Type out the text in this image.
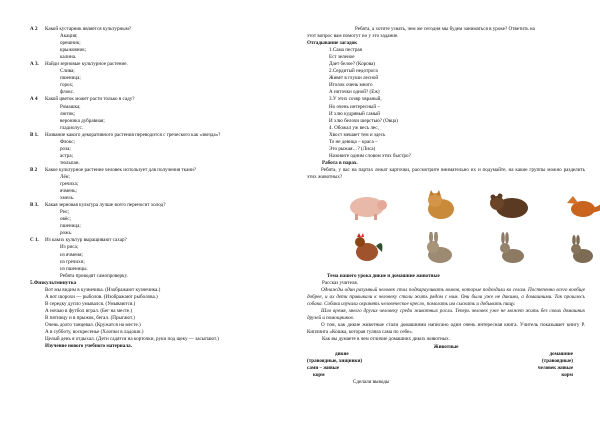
А 2 Какой кустарник является культурным?
Акация;
орешник;
крыжовник;
калина.
А 3. Найди зерновые культурное растение.
Слива;
пшеница;
горох;
флокс.
А 4 Какой цветок может расти только в саду?
Ромашка;
лютик;
вероника дубравная;
гладиолус.
В 1. Название какого декоративного растения переводится с греческого как «звезда»?
Флокс;
роза;
астра;
тюльпан.
В 2 Какое культурное растение человек использует для получения ткани?
Лён;
гречиха;
ячмень;
хмель.
В 3. Какая зерновая культура лучше всего переносит холод?
Рис;
овёс;
пшеница;
рожь.
С 1. Из каких культур выращивают сахар?
Из риса;
из ячменя;
из гречихи;
из пшеницы.
Ребята проводят самопроверку.
5.Физкультминутка
Вот мы видим в кузнечика. (Изображают кузнечика.)
А вот шорохи — рыболов. (Изображают рыболова.)
В середку дупло умывался. (Умываются.)
А ночью в футбол играл. (Бег на месте.)
В пятницу и в прыжок, бегал. (Прыгают.)
Очень долго танцевал. (Кружатся на месте.)
А в субботу, воскресенье (Хлопки в ладоши.)
Целый день я отдыхал. (Дети садятся на корточки, руки под щеку — засыпают.)
Изучение нового учебного материала.
Ребята, а хотите узнать, чем же сегодня мы будем заниматься в уроке? Ответить на
этот вопрос вам помогут но у это задание.
Отгадывание загадок
1.Сама пестрая
Ест зеленое
Дает белое? (Корова)
2.Сердитый недотрога
Живет в глуши лесной
Иголок очень много
А ниточки одной? (Еж)
3.У этих созвр хвраный,
Но очень интересный –
И хлю кудрявый самый
И хлю белочи шерстью? (Овца)
4. Обожал уж весь лес,
Хвост мешает тем и здесь
То не девица – краса –
Это рыжая…? (Лиса)
Назовите одним словом этих быстро?
Работа в парах.
Ребята, у вас на партах лежат карточки, рассмотрите внимательно их и подумайте, на какие группы можно разделить этих животных?
Тема нашего урока дикие и домашние животные
Рассказ учителя.
Однажды один разумный человек стал подкарауливать волков, которые подходили ко селам. Постепенно всего вообще добрее, и их дети привыкали к человеку стали жить рядом с ним. Они были уже не дикими, а домашними. Так прошлось собака. Собаки изучали охранять человеческое кресло, помогать им сыскать и добывать пищу.
Шло время, много других человеку среди животных росли. Теперь человек уже не может жить без своих домашних друзей и помощников.
О том, как дикие животные стали домашними написано один очень интересная книга. Учитель показывает книгу Р. Киплинга «Кошка, которая гуляла сама по себе».
Как вы думаете в чем отличие домашних диких животных.
Животные
дикие	домашние
(травоядные, хищники)	(травоядные)
сами – живые	человек живые
корм	корм
Сделали выводы
